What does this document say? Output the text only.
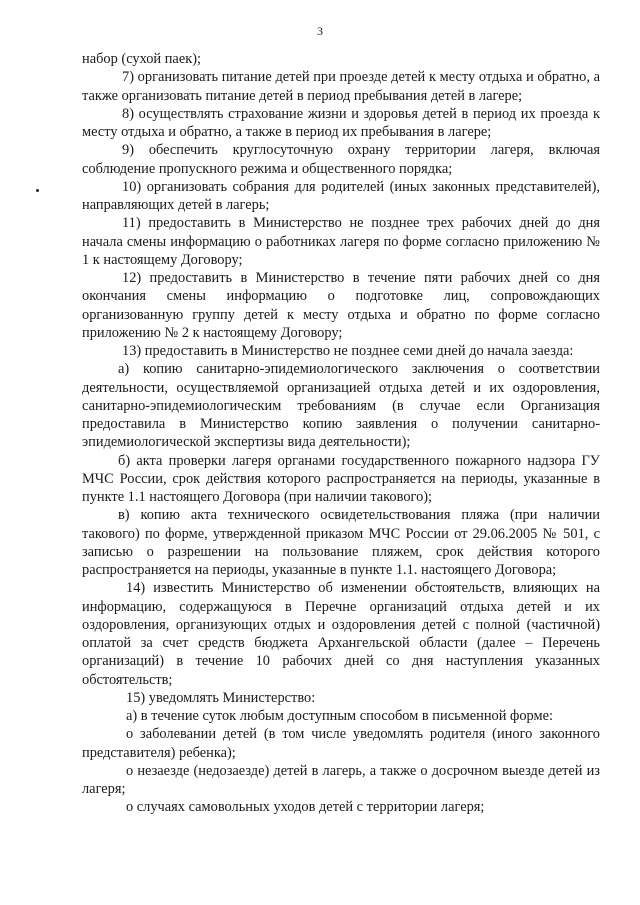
3

набор (сухой паек);

7) организовать питание детей при проезде детей к месту отдыха и обратно, а также организовать питание детей в период пребывания детей в лагере;

8) осуществлять страхование жизни и здоровья детей в период их проезда к месту отдыха и обратно, а также в период их пребывания в лагере;

9) обеспечить круглосуточную охрану территории лагеря, включая соблюдение пропускного режима и общественного порядка;

10) организовать собрания для родителей (иных законных представителей), направляющих детей в лагерь;

11) предоставить в Министерство не позднее трех рабочих дней до дня начала смены информацию о работниках лагеря по форме согласно приложению № 1 к настоящему Договору;

12) предоставить в Министерство в течение пяти рабочих дней со дня окончания смены информацию о подготовке лиц, сопровождающих организованную группу детей к месту отдыха и обратно по форме согласно приложению № 2 к настоящему Договору;

13) предоставить в Министерство не позднее семи дней до начала заезда:

а) копию санитарно-эпидемиологического заключения о соответствии деятельности, осуществляемой организацией отдыха детей и их оздоровления, санитарно-эпидемиологическим требованиям (в случае если Организация предоставила в Министерство копию заявления о получении санитарно-эпидемиологической экспертизы вида деятельности);

б) акта проверки лагеря органами государственного пожарного надзора ГУ МЧС России, срок действия которого распространяется на периоды, указанные в пункте 1.1 настоящего Договора (при наличии такового);

в) копию акта технического освидетельствования пляжа (при наличии такового) по форме, утвержденной приказом МЧС России от 29.06.2005 № 501, с записью о разрешении на пользование пляжем, срок действия которого распространяется на периоды, указанные в пункте 1.1. настоящего Договора;

14) известить Министерство об изменении обстоятельств, влияющих на информацию, содержащуюся в Перечне организаций отдыха детей и их оздоровления, организующих отдых и оздоровления детей с полной (частичной) оплатой за счет средств бюджета Архангельской области (далее – Перечень организаций) в течение 10 рабочих дней со дня наступления указанных обстоятельств;

15) уведомлять Министерство:

а) в течение суток любым доступным способом в письменной форме:

о заболевании детей (в том числе уведомлять родителя (иного законного представителя) ребенка);

о незаезде (недозаезде) детей в лагерь, а также о досрочном выезде детей из лагеря;

о случаях самовольных уходов детей с территории лагеря;
